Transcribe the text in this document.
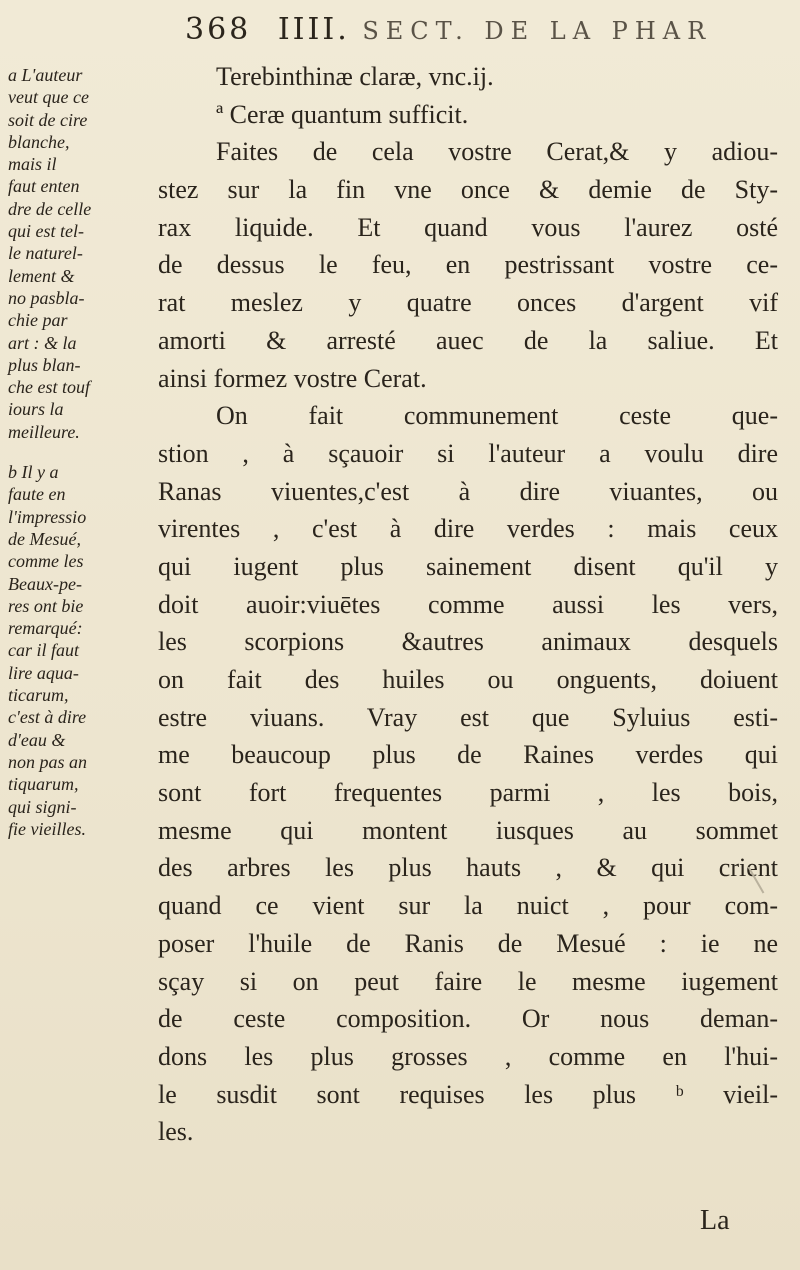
368 IIII. SECT. DE LA PHAR
a L'auteur
veut que ce
soit de cire
blanche,
mais il
faut enten
dre de celle
qui est tel-
le naturel-
lement &
no pasbla-
chie par
art : & la
plus blan-
che est touf
iours la
meilleure.
b Il y a
faute en
l'impressio
de Mesué,
comme les
Beaux-pe-
res ont bie
remarqué:
car il faut
lire aqua-
ticarum,
c'est à dire
d'eau &
non pas an
tiquarum,
qui signi-
fie vieilles.
Terebinthinæ claræ, vnc.ij.
ª Ceræ quantum sufficit.
Faites de cela vostre Cerat,& y adiou-
stez sur la fin vne once & demie de Sty-
rax liquide. Et quand vous l'aurez osté
de dessus le feu, en pestrissant vostre ce-
rat meslez y quatre onces d'argent vif
amorti & arresté auec de la saliue. Et
ainsi formez vostre Cerat.
On fait communement ceste que-
stion , à sçauoir si l'auteur a voulu dire
Ranas viuentes,c'est à dire viuantes, ou
virentes , c'est à dire verdes : mais ceux
qui iugent plus sainement disent qu'il y
doit auoir:viuētes comme aussi les vers,
les scorpions &autres animaux desquels
on fait des huiles ou onguents, doiuent
estre viuans. Vray est que Syluius esti-
me beaucoup plus de Raines verdes qui
sont fort frequentes parmi , les bois,
mesme qui montent iusques au sommet
des arbres les plus hauts , & qui crient
quand ce vient sur la nuict , pour com-
poser l'huile de Ranis de Mesué : ie ne
sçay si on peut faire le mesme iugement
de ceste composition. Or nous deman-
dons les plus grosses , comme en l'hui-
le susdit sont requises les plus ᵇ vieil-
les.
La
